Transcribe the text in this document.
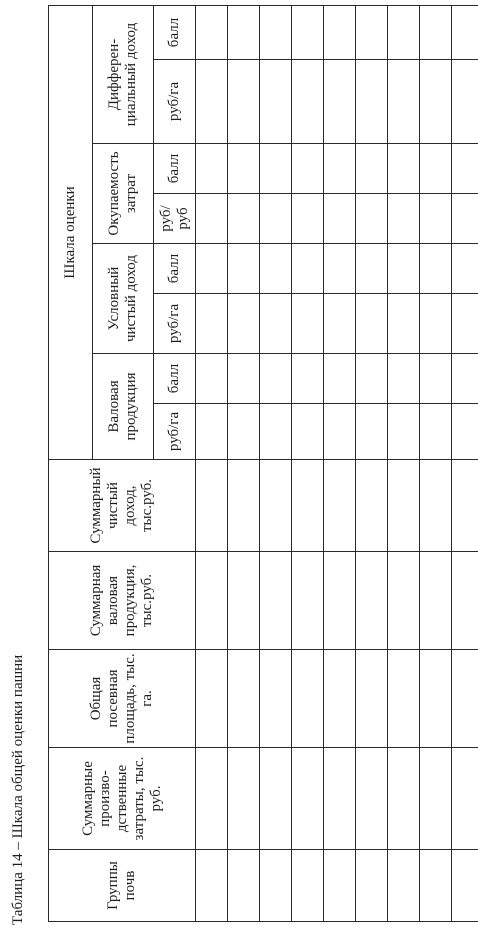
Таблица 14 – Шкала общей оценки пашни	Группы почв	Суммарные произво-дственные затраты, тыс. руб.	Общая посевная площадь, тыс. га.	Суммарная валовая продукция, тыс.руб.	Суммарный чистый доход, тыс.руб.	Шкала оценки							
					Валовая продукция		Условный чистый доход		Окупаемость затрат		Дифферен-циальный доход	
					руб/га	балл	руб/га	балл	руб/руб	балл	руб/га	балл
